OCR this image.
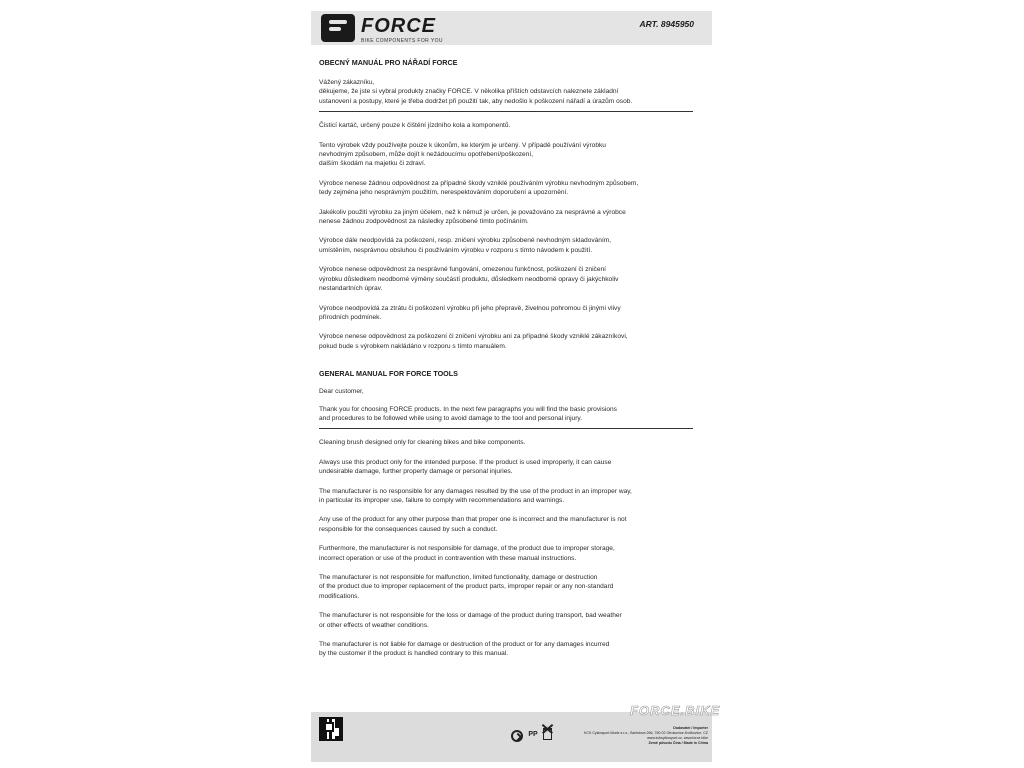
FORCE
BIKE COMPONENTS FOR YOU
ART. 8945950

OBECNÝ MANUÁL PRO NÁŘADÍ FORCE

Vážený zákazníku,
děkujeme, že jste si vybral produkty značky FORCE. V několika příštích odstavcích naleznete základní
ustanovení a postupy, které je třeba dodržet při použití tak, aby nedošlo k poškození nářadí a úrazům osob.

Čisticí kartáč, určený pouze k čištění jízdního kola a komponentů.

Tento výrobek vždy používejte pouze k úkonům, ke kterým je určený. V případě používání výrobku
nevhodným způsobem, může dojít k nežádoucímu opotřebení/poškození,
dalším škodám na majetku či zdraví.

Výrobce nenese žádnou odpovědnost za případné škody vzniklé používáním výrobku nevhodným způsobem,
tedy zejména jeho nesprávným použitím, nerespektováním doporučení a upozornění.

Jakékoliv použití výrobku za jiným účelem, než k němuž je určen, je považováno za nesprávné a výrobce
nenese žádnou zodpovědnost za následky způsobené tímto počínáním.

Výrobce dále neodpovídá za poškození, resp. zničení výrobku způsobené nevhodným skladováním,
umístěním, nesprávnou obsluhou či používáním výrobku v rozporu s tímto návodem k použití.

Výrobce nenese odpovědnost za nesprávné fungování, omezenou funkčnost, poškození či zničení
výrobku důsledkem neodborné výměny součástí produktu, důsledkem neodborné opravy či jakýchkoliv
nestandartních úprav.

Výrobce neodpovídá za ztrátu či poškození výrobku při jeho přepravě, živelnou pohromou či jinými vlivy
přírodních podmínek.

Výrobce nenese odpovědnost za poškození či zničení výrobku ani za případné škody vzniklé zákazníkovi,
pokud bude s výrobkem nakládáno v rozporu s tímto manuálem.

GENERAL MANUAL FOR FORCE TOOLS

Dear customer,

Thank you for choosing FORCE products. In the next few paragraphs you will find the basic provisions
and procedures to be followed while using to avoid damage to the tool and personal injury.

Cleaning brush designed only for cleaning bikes and bike components.

Always use this product only for the intended purpose. If the product is used improperly, it can cause
undesirable damage, further property damage or personal injuries.

The manufacturer is no responsible for any damages resulted by the use of the product in an improper way,
in particular its improper use, failure to comply with recommendations and warnings.

Any use of the product for any other purpose than that proper one is incorrect and the manufacturer is not
responsible for the consequences caused by such a conduct.

Furthermore, the manufacturer is not responsible for damage, of the product due to improper storage,
incorrect operation or use of the product in contravention with these manual instructions.

The manufacturer is not responsible for malfunction, limited functionality, damage or destruction
of the product due to improper replacement of the product parts, improper repair or any non-standard
modifications.

The manufacturer is not responsible for the loss or damage of the product during transport, bad weather
or other effects of weather conditions.

The manufacturer is not liable for damage or destruction of the product or for any damages incurred
by the customer if the product is handled contrary to this manual.

FORCE.BIKE
PP
Dodavatel / Importer
KCK Cyklosport-Mode s.r.o., Bartolova 266, 760 02 Otrokovice-Kvítkovice, CZ
www.kcksyklosport.cz, www.force.bike
Země původu Čína / Made in China
